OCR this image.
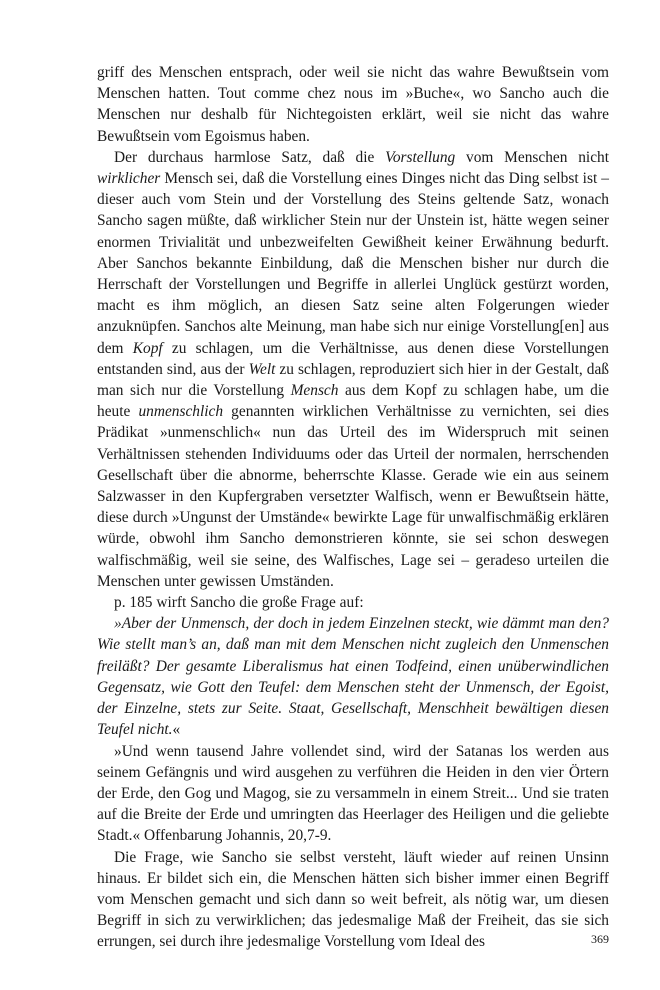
griff des Menschen entsprach, oder weil sie nicht das wahre Bewußtsein vom Menschen hatten. Tout comme chez nous im »Buche«, wo Sancho auch die Menschen nur deshalb für Nichtegoisten erklärt, weil sie nicht das wahre Bewußtsein vom Egoismus haben.

Der durchaus harmlose Satz, daß die Vorstellung vom Menschen nicht wirklicher Mensch sei, daß die Vorstellung eines Dinges nicht das Ding selbst ist – dieser auch vom Stein und der Vorstellung des Steins geltende Satz, wonach Sancho sagen müßte, daß wirklicher Stein nur der Unstein ist, hätte wegen seiner enormen Trivialität und unbezweifelten Gewißheit keiner Erwähnung bedurft. Aber Sanchos bekannte Einbildung, daß die Menschen bisher nur durch die Herrschaft der Vorstellungen und Begriffe in allerlei Unglück gestürzt worden, macht es ihm möglich, an diesen Satz seine alten Folgerungen wieder anzuknüpfen. Sanchos alte Meinung, man habe sich nur einige Vorstellung[en] aus dem Kopf zu schlagen, um die Verhältnisse, aus denen diese Vorstellungen entstanden sind, aus der Welt zu schlagen, reproduziert sich hier in der Gestalt, daß man sich nur die Vorstellung Mensch aus dem Kopf zu schlagen habe, um die heute unmenschlich genannten wirklichen Verhältnisse zu vernichten, sei dies Prädikat »unmenschlich« nun das Urteil des im Widerspruch mit seinen Verhältnissen stehenden Individuums oder das Urteil der normalen, herrschenden Gesellschaft über die abnorme, beherrschte Klasse. Gerade wie ein aus seinem Salzwasser in den Kupfergraben versetzter Walfisch, wenn er Bewußtsein hätte, diese durch »Ungunst der Umstände« bewirkte Lage für unwalfischmäßig erklären würde, obwohl ihm Sancho demonstrieren könnte, sie sei schon deswegen walfischmäßig, weil sie seine, des Walfisches, Lage sei – geradeso urteilen die Menschen unter gewissen Umständen.

p. 185 wirft Sancho die große Frage auf:

»Aber der Unmensch, der doch in jedem Einzelnen steckt, wie dämmt man den? Wie stellt man’s an, daß man mit dem Menschen nicht zugleich den Unmenschen freiläßt? Der gesamte Liberalismus hat einen Todfeind, einen unüberwindlichen Gegensatz, wie Gott den Teufel: dem Menschen steht der Unmensch, der Egoist, der Einzelne, stets zur Seite. Staat, Gesellschaft, Menschheit bewältigen diesen Teufel nicht.«

»Und wenn tausend Jahre vollendet sind, wird der Satanas los werden aus seinem Gefängnis und wird ausgehen zu verführen die Heiden in den vier Örtern der Erde, den Gog und Magog, sie zu versammeln in einem Streit... Und sie traten auf die Breite der Erde und umringten das Heerlager des Heiligen und die geliebte Stadt.« Offenbarung Johannis, 20,7-9.

Die Frage, wie Sancho sie selbst versteht, läuft wieder auf reinen Unsinn hinaus. Er bildet sich ein, die Menschen hätten sich bisher immer einen Begriff vom Menschen gemacht und sich dann so weit befreit, als nötig war, um diesen Begriff in sich zu verwirklichen; das jedesmalige Maß der Freiheit, das sie sich errungen, sei durch ihre jedesmalige Vorstellung vom Ideal des	369
